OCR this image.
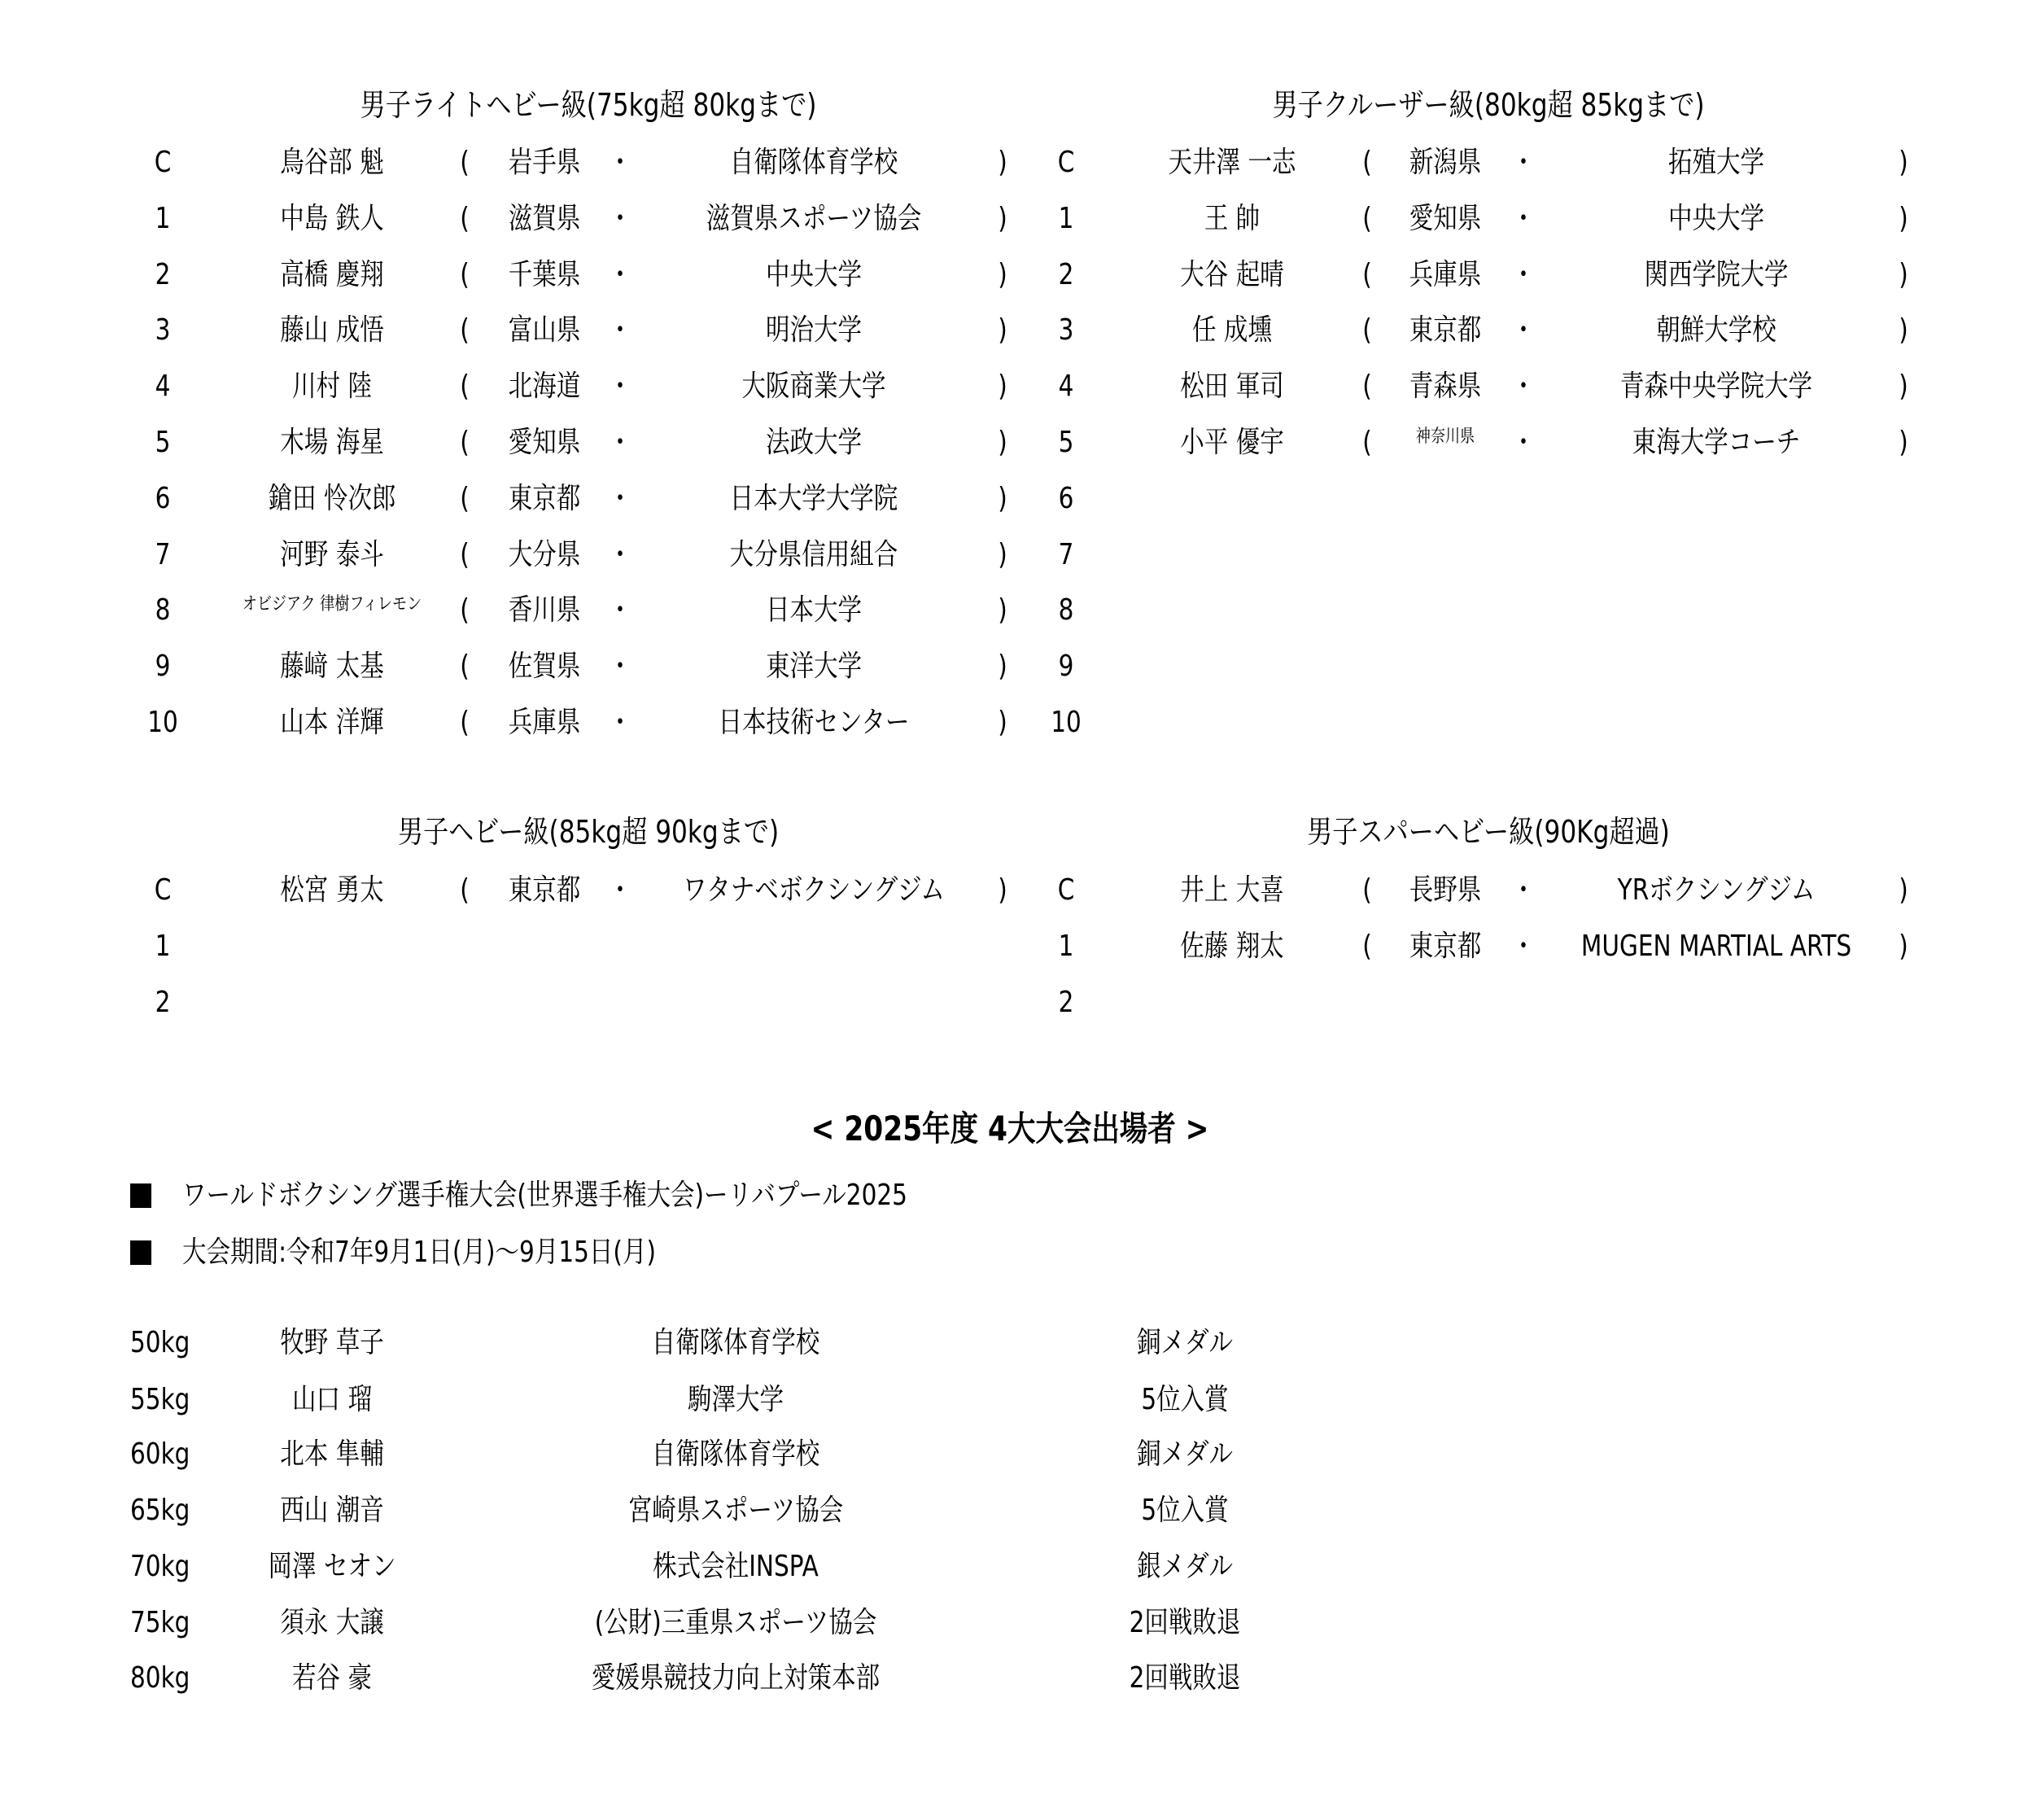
男子ライトヘビー級(75kg超 80kgまで)
C	鳥谷部 魁	( 岩手県 ・	自衛隊体育学校	)
1	中島 鉄人	( 滋賀県 ・	滋賀県スポーツ協会	)
2	高橋 慶翔	( 千葉県 ・	中央大学	)
3	藤山 成悟	( 富山県 ・	明治大学	)
4	川村 陸	( 北海道 ・	大阪商業大学	)
5	木場 海星	( 愛知県 ・	法政大学	)
6	鎗田 怜次郎 ( 東京都 ・	日本大学大学院	)
7	河野 泰斗	( 大分県 ・	大分県信用組合	)
8	オビジアク 律樹フィレモン ( 香川県 ・	日本大学	)
9	藤﨑 太基	( 佐賀県 ・	東洋大学	)
10	山本 洋輝	( 兵庫県 ・	日本技術センター	)
男子クルーザー級(80kg超 85kgまで)
C	天井澤 一志 ( 新潟県 ・	拓殖大学	)
1	王 帥	( 愛知県 ・	中央大学	)
2	大谷 起晴	( 兵庫県 ・	関西学院大学	)
3	任 成壎	( 東京都 ・	朝鮮大学校	)
4	松田 軍司	( 青森県 ・	青森中央学院大学	)
5	小平 優宇	( 神奈川県 ・	東海大学コーチ	)
6
7
8
9
10
男子ヘビー級(85kg超 90kgまで)
C	松宮 勇太	( 東京都 ・ ワタナベボクシングジム )
1
2
男子スパーヘビー級(90Kg超過)
C	井上 大喜	( 長野県 ・	YRボクシングジム	)
1	佐藤 翔太	( 東京都 ・ MUGEN MARTIAL ARTS )
2
< 2025年度 4大大会出場者 >
ワールドボクシング選手権大会(世界選手権大会)ーリバプール2025
大会期間:令和7年9月1日(月)〜9月15日(月)
50kg	牧野 草子	自衛隊体育学校	銅メダル
55kg	山口 瑠	駒澤大学	5位入賞
60kg	北本 隼輔	自衛隊体育学校	銅メダル
65kg	西山 潮音	宮崎県スポーツ協会	5位入賞
70kg	岡澤 セオン	株式会社INSPA	銀メダル
75kg	須永 大譲	(公財)三重県スポーツ協会	2回戦敗退
80kg	若谷 豪	愛媛県競技力向上対策本部	2回戦敗退
